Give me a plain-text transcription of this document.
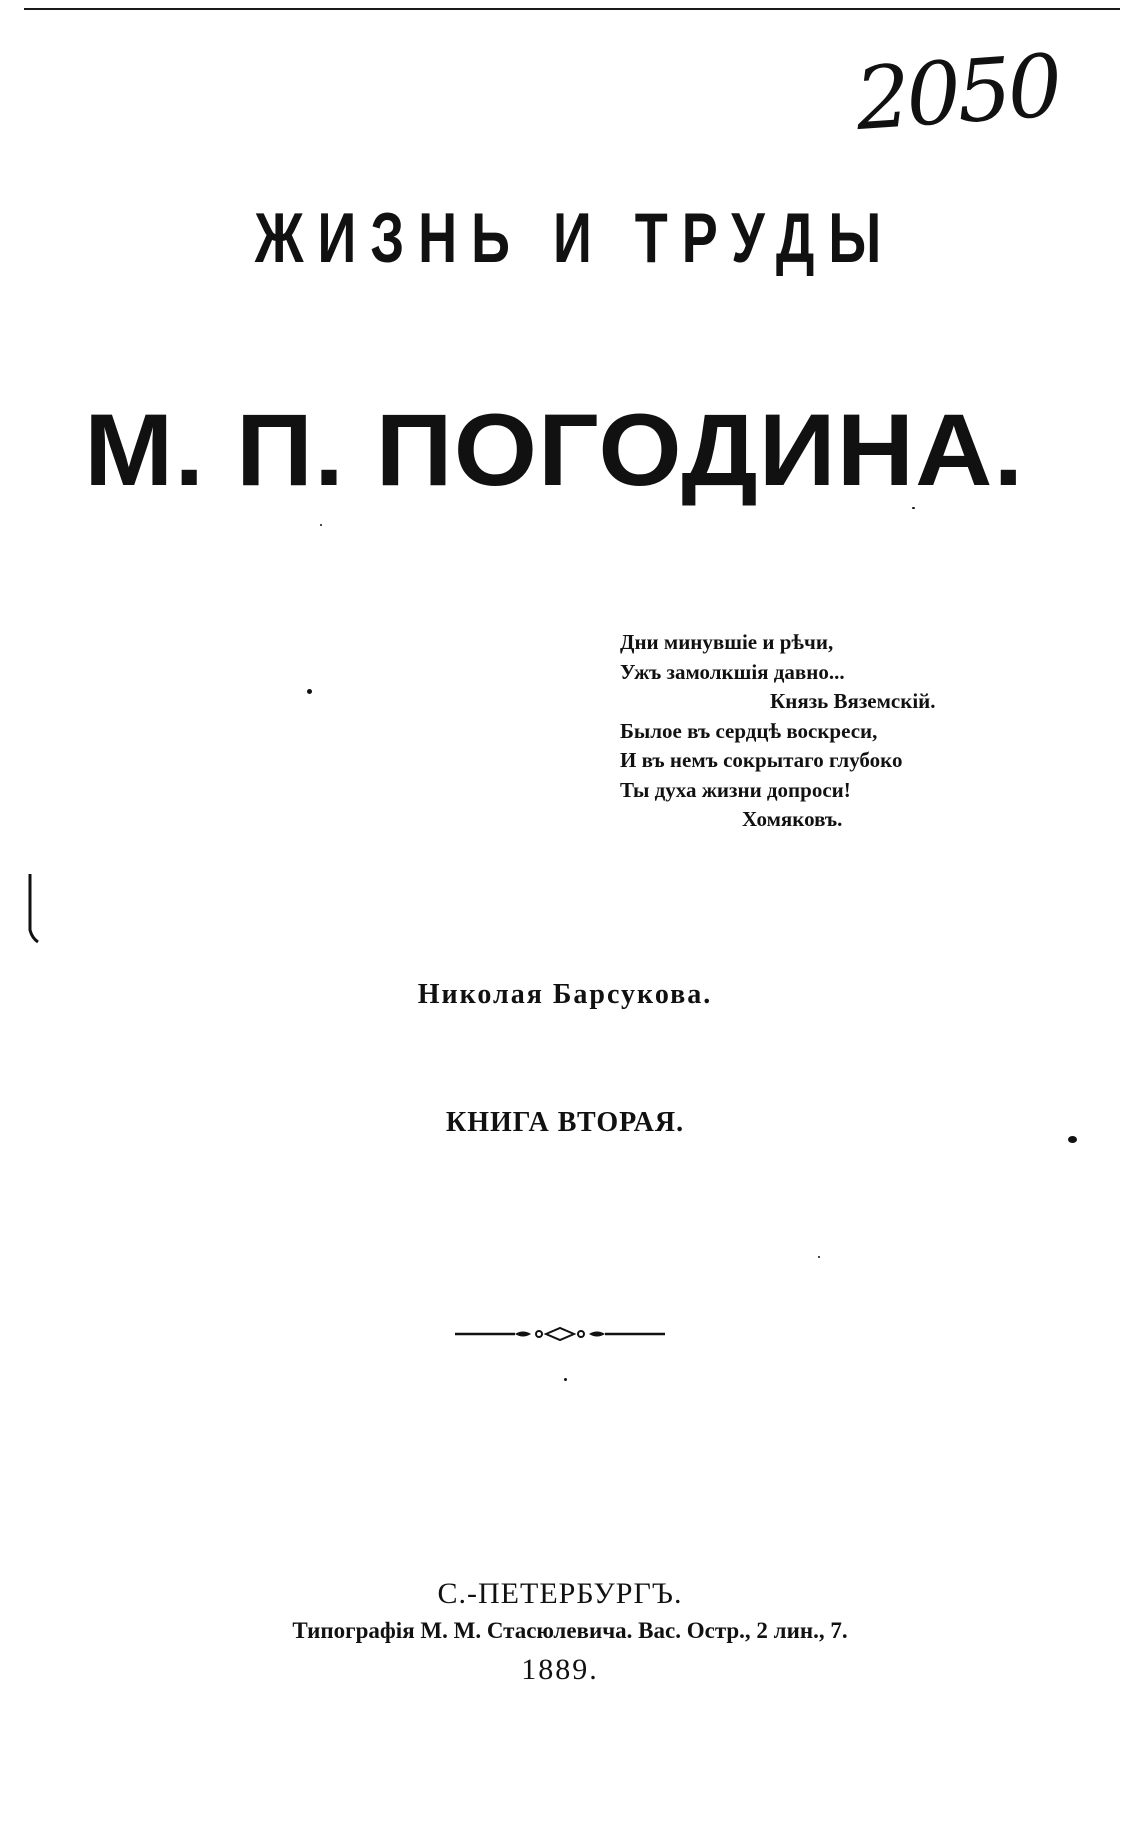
2050
ЖИЗНЬ И ТРУДЫ
М. П. ПОГОДИНА.
Дни минувшіе и рѣчи,
Ужъ замолкшія давно...
Князь Вяземскій.
Былое въ сердцѣ воскреси,
И въ немъ сокрытаго глубоко
Ты духа жизни допроси!
Хомяковъ.
Николая Барсукова.
КНИГА ВТОРАЯ.
С.-ПЕТЕРБУРГЪ.
Типографія М. М. Стасюлевича. Вас. Остр., 2 лин., 7.
1889.
